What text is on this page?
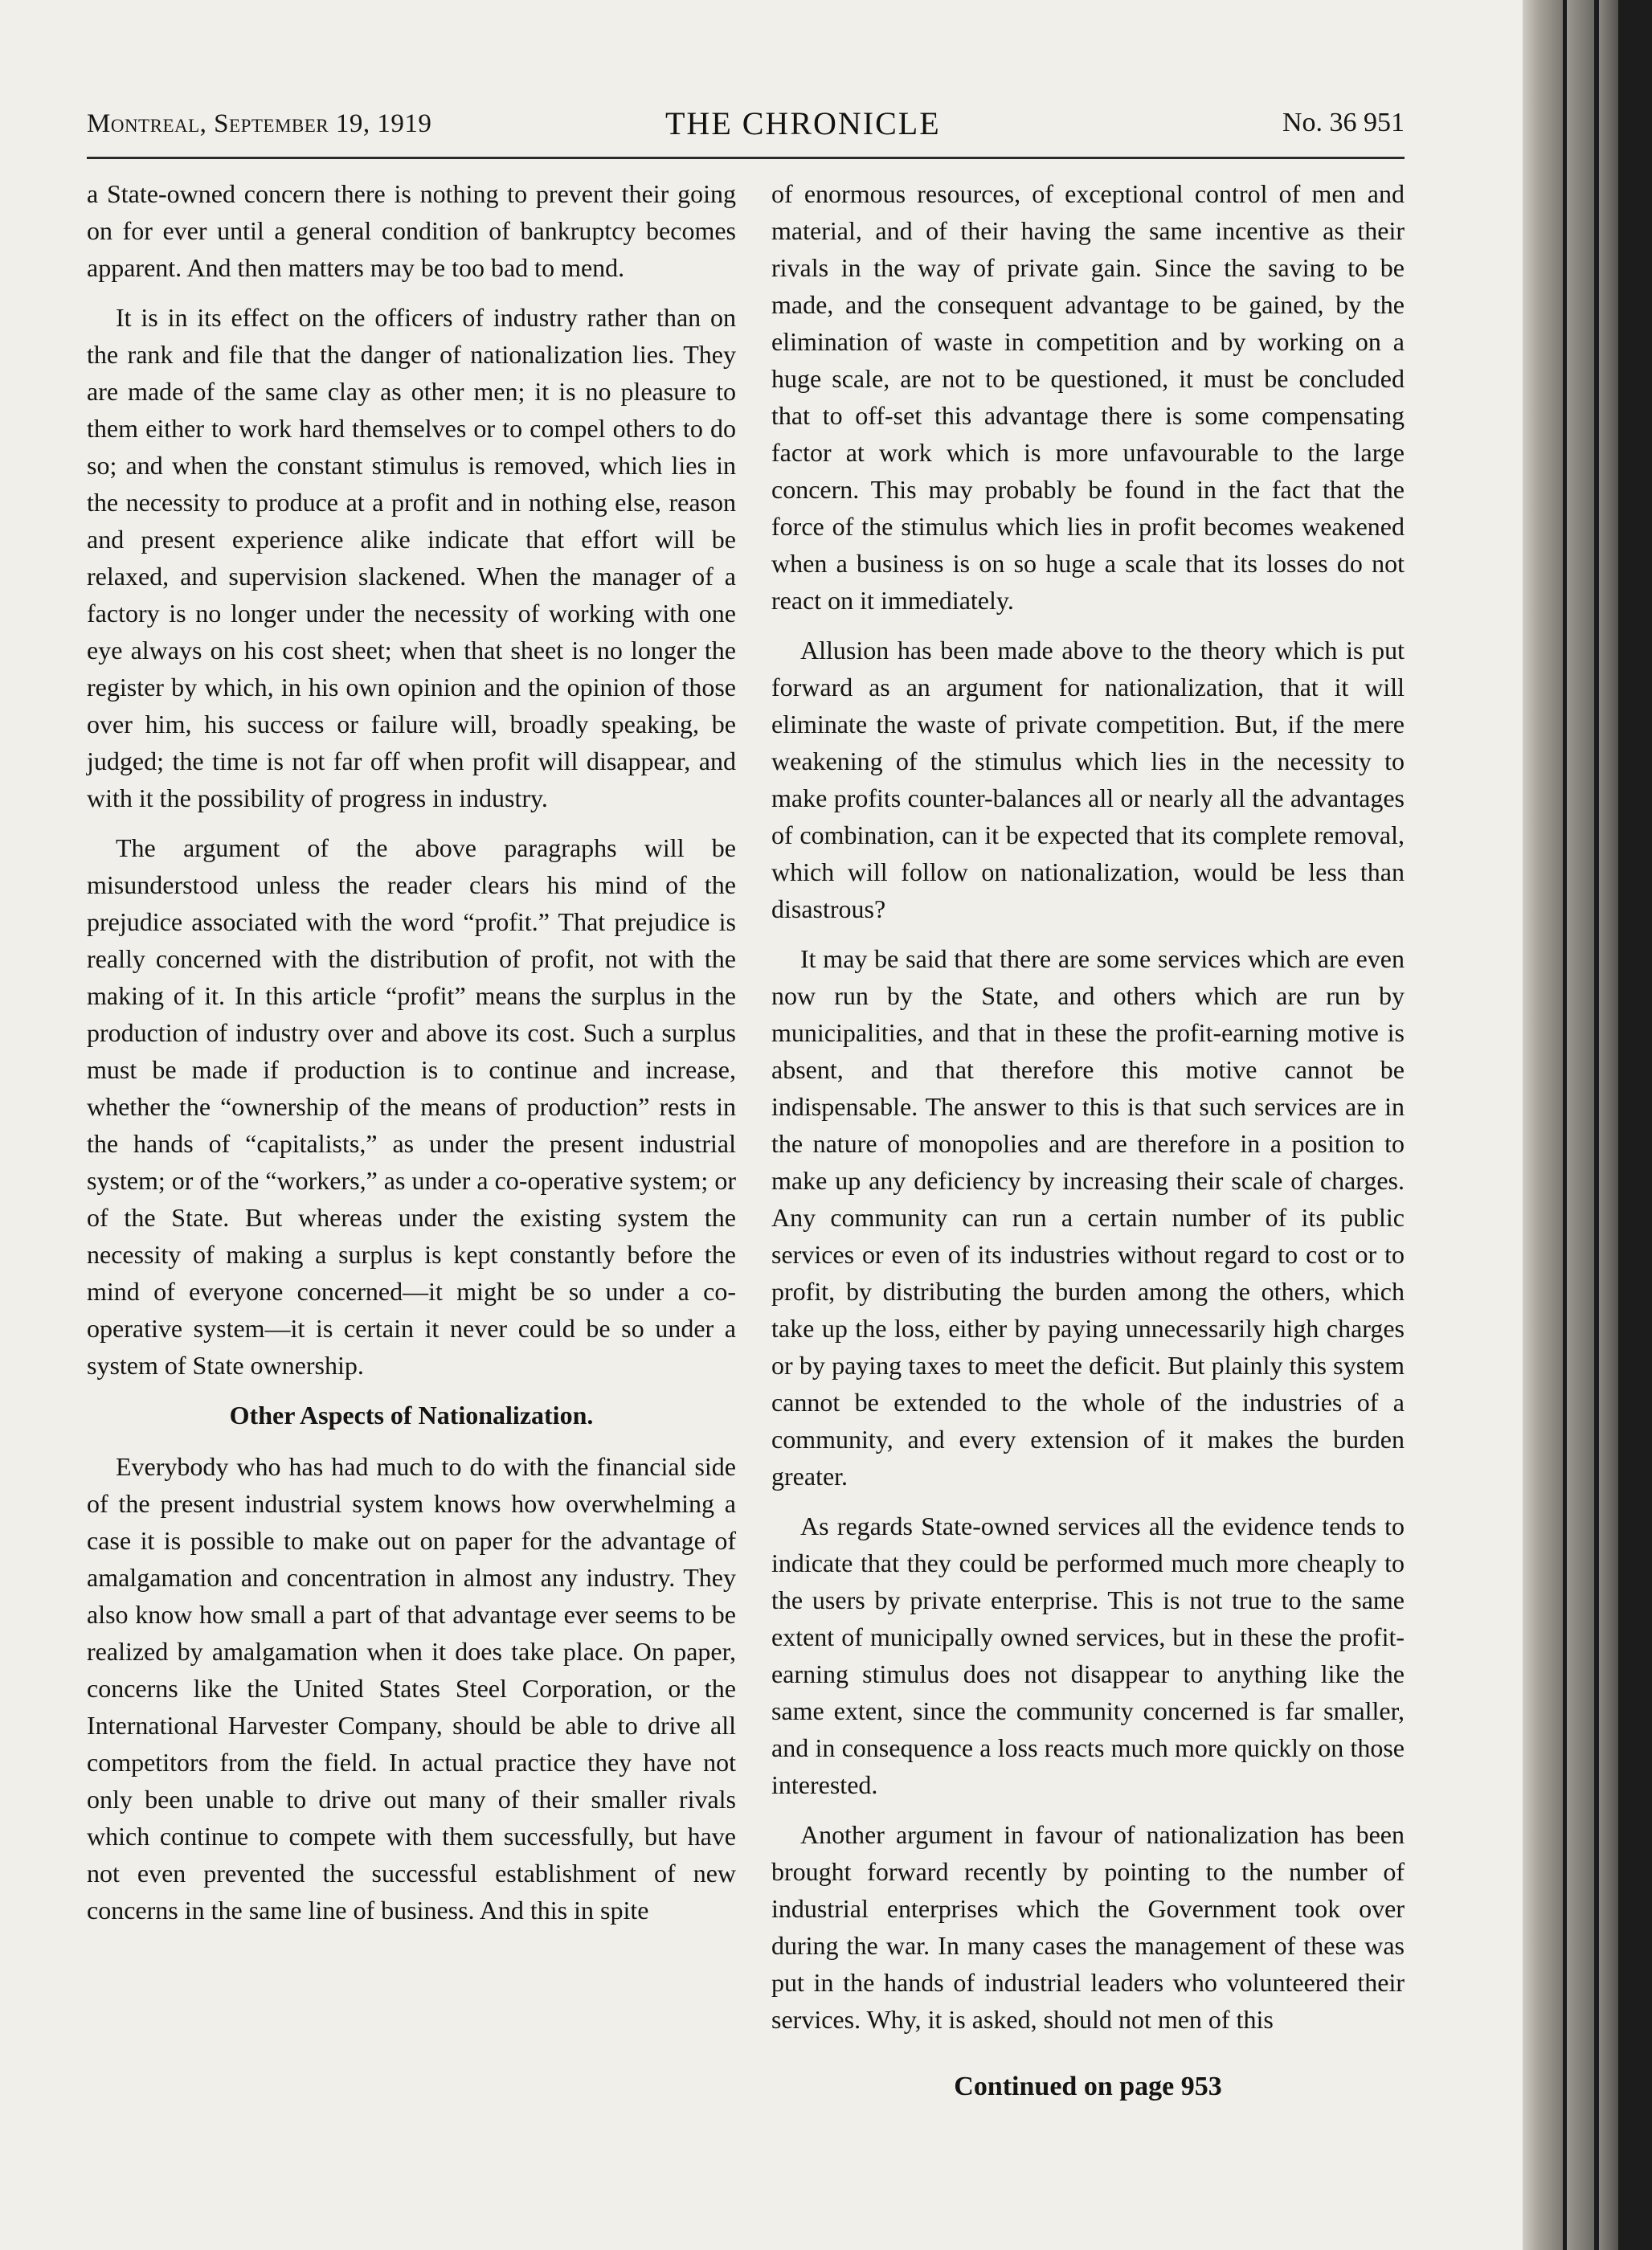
Montreal, September 19, 1919	THE CHRONICLE	No. 36 951

a State-owned concern there is nothing to prevent their going on for ever until a general condition of bankruptcy becomes apparent. And then matters may be too bad to mend.

It is in its effect on the officers of industry rather than on the rank and file that the danger of nationalization lies. They are made of the same clay as other men; it is no pleasure to them either to work hard themselves or to compel others to do so; and when the constant stimulus is removed, which lies in the necessity to produce at a profit and in nothing else, reason and present experience alike indicate that effort will be relaxed, and supervision slackened. When the manager of a factory is no longer under the necessity of working with one eye always on his cost sheet; when that sheet is no longer the register by which, in his own opinion and the opinion of those over him, his success or failure will, broadly speaking, be judged; the time is not far off when profit will disappear, and with it the possibility of progress in industry.

The argument of the above paragraphs will be misunderstood unless the reader clears his mind of the prejudice associated with the word “profit.” That prejudice is really concerned with the distribution of profit, not with the making of it. In this article “profit” means the surplus in the production of industry over and above its cost. Such a surplus must be made if production is to continue and increase, whether the “ownership of the means of production” rests in the hands of “capitalists,” as under the present industrial system; or of the “workers,” as under a co-operative system; or of the State. But whereas under the existing system the necessity of making a surplus is kept constantly before the mind of everyone concerned—it might be so under a co-operative system—it is certain it never could be so under a system of State ownership.

Other Aspects of Nationalization.

Everybody who has had much to do with the financial side of the present industrial system knows how overwhelming a case it is possible to make out on paper for the advantage of amalgamation and concentration in almost any industry. They also know how small a part of that advantage ever seems to be realized by amalgamation when it does take place. On paper, concerns like the United States Steel Corporation, or the International Harvester Company, should be able to drive all competitors from the field. In actual practice they have not only been unable to drive out many of their smaller rivals which continue to compete with them successfully, but have not even prevented the successful establishment of new concerns in the same line of business. And this in spite

of enormous resources, of exceptional control of men and material, and of their having the same incentive as their rivals in the way of private gain. Since the saving to be made, and the consequent advantage to be gained, by the elimination of waste in competition and by working on a huge scale, are not to be questioned, it must be concluded that to off-set this advantage there is some compensating factor at work which is more unfavourable to the large concern. This may probably be found in the fact that the force of the stimulus which lies in profit becomes weakened when a business is on so huge a scale that its losses do not react on it immediately.

Allusion has been made above to the theory which is put forward as an argument for nationalization, that it will eliminate the waste of private competition. But, if the mere weakening of the stimulus which lies in the necessity to make profits counter-balances all or nearly all the advantages of combination, can it be expected that its complete removal, which will follow on nationalization, would be less than disastrous?

It may be said that there are some services which are even now run by the State, and others which are run by municipalities, and that in these the profit-earning motive is absent, and that therefore this motive cannot be indispensable. The answer to this is that such services are in the nature of monopolies and are therefore in a position to make up any deficiency by increasing their scale of charges. Any community can run a certain number of its public services or even of its industries without regard to cost or to profit, by distributing the burden among the others, which take up the loss, either by paying unnecessarily high charges or by paying taxes to meet the deficit. But plainly this system cannot be extended to the whole of the industries of a community, and every extension of it makes the burden greater.

As regards State-owned services all the evidence tends to indicate that they could be performed much more cheaply to the users by private enterprise. This is not true to the same extent of municipally owned services, but in these the profit-earning stimulus does not disappear to anything like the same extent, since the community concerned is far smaller, and in consequence a loss reacts much more quickly on those interested.

Another argument in favour of nationalization has been brought forward recently by pointing to the number of industrial enterprises which the Government took over during the war. In many cases the management of these was put in the hands of industrial leaders who volunteered their services. Why, it is asked, should not men of this

Continued on page 953
